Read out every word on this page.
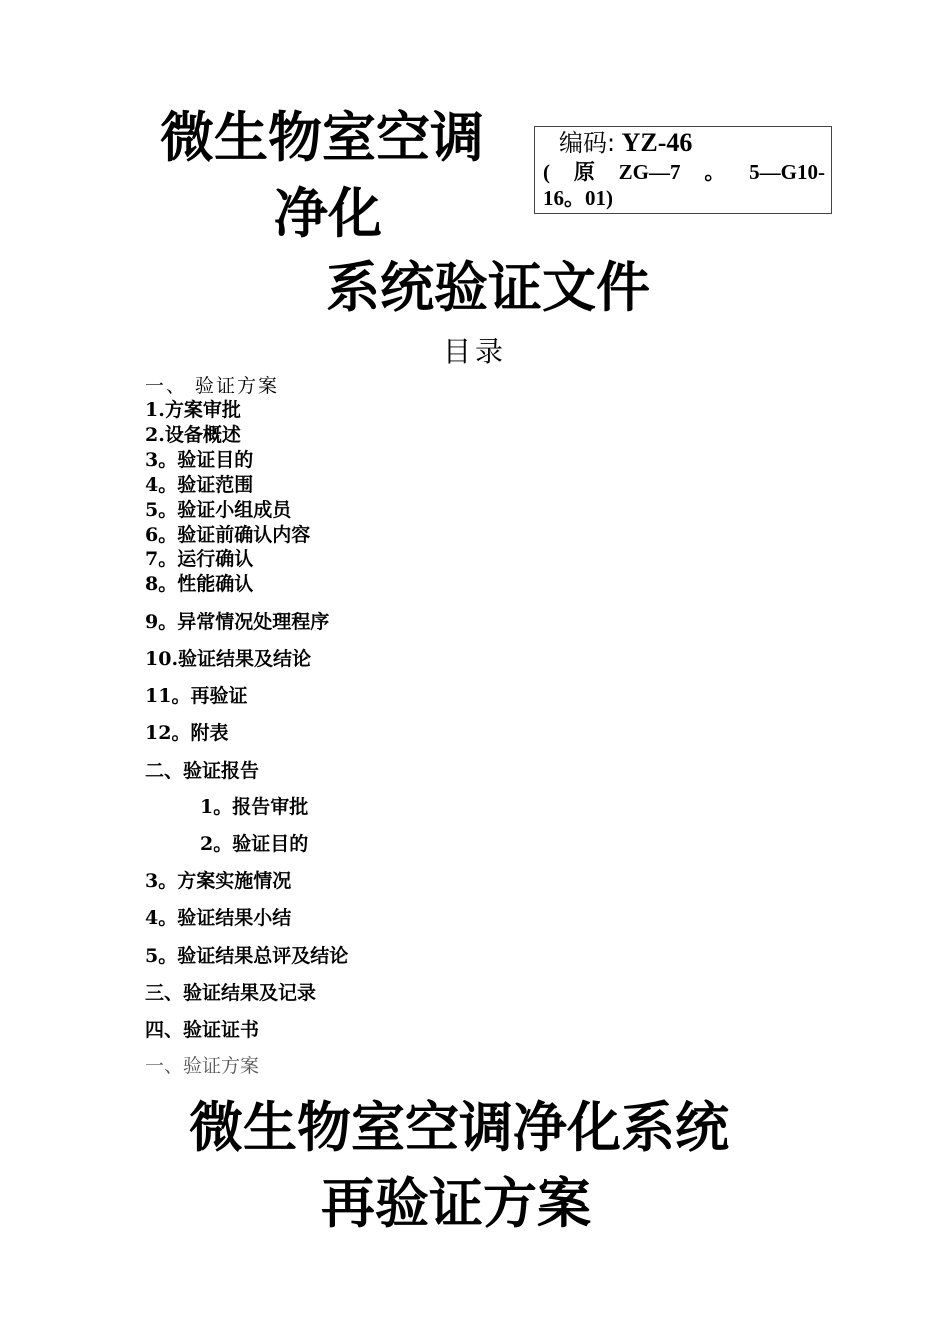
微生物室空调
净化
系统验证文件
编码: YZ-46
( 原 ZG—7 。 5—G10-
16。01)
目录
一、 验证方案
1.方案审批
2.设备概述
3。验证目的
4。验证范围
5。验证小组成员
6。验证前确认内容
7。运行确认
8。性能确认
9。异常情况处理程序
10.验证结果及结论
11。再验证
12。附表
二、验证报告
1。报告审批
2。验证目的
3。方案实施情况
4。验证结果小结
5。验证结果总评及结论
三、验证结果及记录
四、验证证书
一、验证方案
微生物室空调净化系统
再验证方案
